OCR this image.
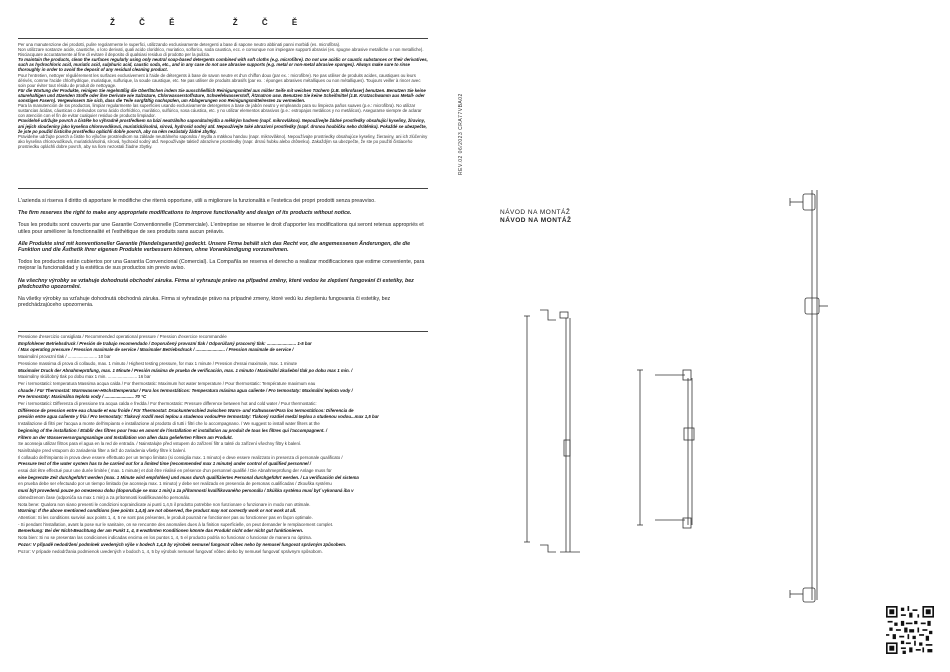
Ž	Č	Ě	Ž	Č	Ě

Per una manutenzione dei prodotti, pulire regolarmente le superfici, utilizzando esclusivamente detergenti a base di sapone neutro abbinati panni morbidi (es. microfibra).

Non utilizzare sostanze acide, caustiche, o loro derivati, quali acido cloridrico, muriatico, solforico, soda caustica, ecc. e comunque non impiegare supporti abrasivi (es. spugne abrasive metalliche o non metalliche). Risciacquare accuratamente al fine di evitare il deposito di qualsiasi residuo di prodotto per la pulizia.

To maintain the products, clean the surfaces regularly using only neutral soap-based detergents combined with soft cloths (e.g. microfibre). Do not use acidic or caustic substances or their derivatives, such as hydrochloric acid, muriatic acid, sulphuric acid, caustic soda, etc., and in any case do not use abrasive supports (e.g. metal or non-metal abrasive sponges). Always make sure to rinse thoroughly in order to avoid the deposit of any residual cleaning product.

Pour l'entretien, nettoyer régulièrement les surfaces exclusivement à l'aide de détergents à base de savon neutre et d'un chiffon doux (par ex. : microfibre). Ne pas utiliser de produits acides, caustiques ou leurs dérivés, comme l'acide chlorhydrique, muriatique, sulfurique, la soude caustique, etc. Ne pas utiliser de produits abrasifs (par ex. : éponges abrasives métalliques ou non métalliques). Toujours veiller à rincer avec soin pour éviter tout résidu de produit de nettoyage.

Für die Wartung der Produkte, reinigen Sie regelmäßig die Oberflächen indem Sie ausschließlich Reinigungsmittel aus milder Seife mit weichen Tüchern (z.B. Mikrofaser) benutzen. Benutzen Sie keine säurehaltigen und ätzenden Stoffe oder ihre Derivate wie Salzsäure, Chlorwasserstoffsäure, Schwefelwasserstoff, Ätznatron usw. Benutzen Sie keine Scheifmittel (z.B. Kratzschwamm aus Metall- oder sonstigen Fasern). Vergewissern Sie sich, dass die Teile sorgfältig nachspülen, um Ablagerungen von Reinigungsmittelresten zu vermeiden.

Para la manutención de los productos, limpiar regularmente las superficies usando exclusivamente detergentes a base de jabón neutro y empleando para su limpieza paños suaves (p.e.: microfibra). No utilizar sustancias ácidas, cáusticas o derivados como ácido clorhídrico, muriático, sulfúrico, sosa cáustica, etc. y no utilizar elementos abrasivos (p.e.: estropajos metálicos y no metálicos). Asegurarse siempre de aclarar con atención con el fin de evitar cualquier residuo de producto limpiador.

Pravidelně udržujte povrch a čistěte ho výhradně prostředkem na bázi neutrálního saponátu/mýdla a měkkým hadrem (např. mikrovlákno). Nepoužívejte žádné prostředky obsahující kyseliny, žíraviny, ani jejich sloučeniny jako kyselina chlorovodíková, muriatická/solná, sírová, hydroxid sodný atd. Nepoužívejte také abrazivní prostředky (např. drsnou houbičku nebo drátěnku). Pokaždé se ubezpečte, že jste po použití čisticího prostředku opláchli dobře povrch, aby na něm nezůstaly žádné zbytky.

Pravidelne udržujte povrch a čistite ho výlučne prostriedkom na základe neutrálneho saponátu / mydla a mäkkou handou (napr. mikrovlákno). Nepoužívajte prostriedky obsahujúce kyseliny, žieraviny, ani ich zlúčeniny ako kyselina chlorovodíková, muriatická/solná, sírová, hydroxid sodný atď. Nepoužívajte taktiež abrazívne prostriedky (napr. drsnú hubku alebo drôtenku). Zakaždým sa ubezpečte, že ste po použití čistiaceho prostriedku opláchli dobre povrch, aby na ňom nezostali žiadne zbytky.

L'azienda si riserva il diritto di apportare le modifiche che riterrà opportune, utili a migliorare la funzionalità e l'estetica dei propri prodotti senza preavviso.

The firm reserves the right to make any appropriate modifications to improve functionality and design of its products without notice.

Tous les produits sont couverts par une Garantie Conventionnelle (Commerciale). L'entreprise se réserve le droit d'apporter les modifications qui seront retenus appropriés et utiles pour améliorer la fonctionnalité et l'esthétique de ses produits sans aucun préavis.

Alle Produkte sind mit konventioneller Garantie (Handelsgarantie) gedeckt. Unsere Firma behält sich das Recht vor, die angemessenen Änderungen, die die Funktion und die Ästhetik ihrer eigenen Produkte verbessern können, ohne Vorankündigung vorzunehmen.

Todos los productos están cubiertos por una Garantía Convencional (Comercial). La Compañía se reserva el derecho a realizar modificaciones que estime conveniente, para mejorar la funcionalidad y la estética de sus productos sin previo aviso.

Na všechny výrobky se vztahuje dohodnutá obchodní záruka. Firma si vyhrazuje právo na případné změny, které vedou ke zlepšení fungování či estetiky, bez předchozího upozornění.

Na všetky výrobky sa vzťahuje dohodnutá obchodná záruka. Firma si vyhradzuje právo na prípadné zmeny, ktoré vedú ku zlepšeniu fungovania či estetiky, bez predchádzajúceho upozornenia.

Pressione d'esercizio consigliata / Recommended operational pressure / Pression d'exercice recommandée

Empfohlener Betriebsdruck / Presión de trabajo recomendado / Doporučený provozní tlak / Odporúčaný pracovný tlak: ........................ 1-5 bar

/ Max operating pressure / Pression maximale de service / Maximaler Betriebsdruck / ........................ / Pression maximale de service /

Maximální provozní tlak / ........................ 10 bar

Pressione massima di prova di collaudo, max. 1 minuto / Highest testing pressure, for max 1 minute / Pression d'essai maximale, max. 1 minute

Maximaler Druck der Abnahmeprüfung, max. 1 Minute / Presión máxima de prueba de verificación, max. 1 minuto / Maximální zkušební tlak po dobu max 1 min. /

Maximálny skúšobný tlak po dobu max 1 min. ........................ 16 bar

Per i termostatici: temperatura Massima acqua calda / For thermostatic: Maximum hot water temperature / Pour thermostatic: Température maximum eau

chaude / Für Thermostat: Warmwasser-Höchsttemperatur / Para los termostáticos: Temperatura máxima agua caliente / Pro termostaty: Maximální teplota vody /

Pre termostaty: Maximálna teplota vody / ........................ 70 °C

Per i termostatici: Differenza di pressione tra acqua calda e fredda / For thermostatic: Pressure difference between hot and cold water / Pour thermostatic:

Différence de pression entre eau chaude et eau froide / Für Thermostat: Druckunterschied zwischen Warm- und Kaltwasser/Para los termostáticos: Diferencia de

presión entre agua caliente y fría / Pro termostaty: Tlakový rozdíl mezi teplou a studenou vodou/Pre termostaty: Tlakový rozdiel medzi teplou a studenou vodou...max 1,5 bar

Installazione di filtri per l'acqua a monte dell'impianto e installazione al prodotto di tutti i filtri che lo accompagnano. / We suggest to install water filters at the

beginning of the installation / Etablir des filtres pour l'eau en amont de l'installation et installation au produit de tous les filtres qui l'accompagnent. /

Filtern an der Wasserversorgungsanlage und Installation von allen dazu gelieferten Filtern am Produkt.

Se aconseja utilizar filtros para el agua en la red de entrada. / Nainstalujte před vstupem do zařízení filtr a takté do zařízení všechny filtry k balení.

Nainštalujte pred vstupom do zariadenia filter a tiež do zariadenia všetky filtre k balení.

Il collaudo dell'impianto in prova deve essere effettuato per un tempo limitato (si consiglia max. 1 minuto) e deve essere realizzato in presenza di personale qualificato /

Pressure test of the water system has to be carried out for a limited time (recommended max 1 minute) under control of qualified personnel /

essai doit être effectué pour une durée limitée ( max. 1 minute) et doit être réalisé en présence d'un personnel qualifié / Die Abnahmeprüfung der Anlage muss für

eine begrenzte Zeit durchgeführt werden (max. 1 Minute wird empfohlen) und muss durch qualifiziertes Personal durchgeführt werden. / La verificación del sistema

en prueba debe ser efectuado por un tiempo limitado (se aconseja max. 1 minuto) y debe ser realizado en presencia de personas cualificadas / Zkouška systému

musí být provedená pouze po omezenou dobu (doporučuje se max 1 min) a za přítomnosti kvalifikovaného personálu / Skúška systému musí byť vykonaná iba v

obmedzenom čase (odporúča sa max 1 min) a za prítomnosti kvalifikovaného personálu.

Nota bene: Qualora non siano presenti le condizioni sopraindicate ai punti 1,4,5 il prodotto potrebbe non funzionare o funzionare in modo non ottimale.

Warning: If the above mentioned conditions (see points 1,4,5) are not observed, the product may not correctly work or not work at all.

Attention: Si les conditions susvisé aux points 1, 4, 5 ne sont pas présentes, le produit pourrait ne fonctionner pas ou fonctionner pas en façon optimale.

- Si pendant l'installation, avant la pose sur le sanitaire, on se rencontre des anomalies dues à la finition superficielle, on peut demander le remplacement complet.

Bemerkung: Bei der Nicht-Beachtung der am Punkt 1, 4, 5 erwähnten Konditionen könnte das Produkt nicht oder nicht gut funktionieren.

Nota bien: Si no se presentan las condiciones indicadas encima en los puntos 1, 4, 5 el producto podría no funcionar o funcionar de manera no óptima.

Pozor: V případě nedodržení podmínek uvedených výše v bodech 1,4,5 by výrobek nemusel fungovat vůbec nebo by nemusel fungovat správným způsobem.

Pozor: V prípade nedodržania podmienok uvedených v bodoch 1, 4, 5 by výrobok nemusel fungovať vôbec alebo by nemusel fungovať správnym spôsobom.

REV.02 06/2023 CRA77VBA02
NÁVOD NA MONTÁŽ
NÁVOD NA MONTÁŽ
